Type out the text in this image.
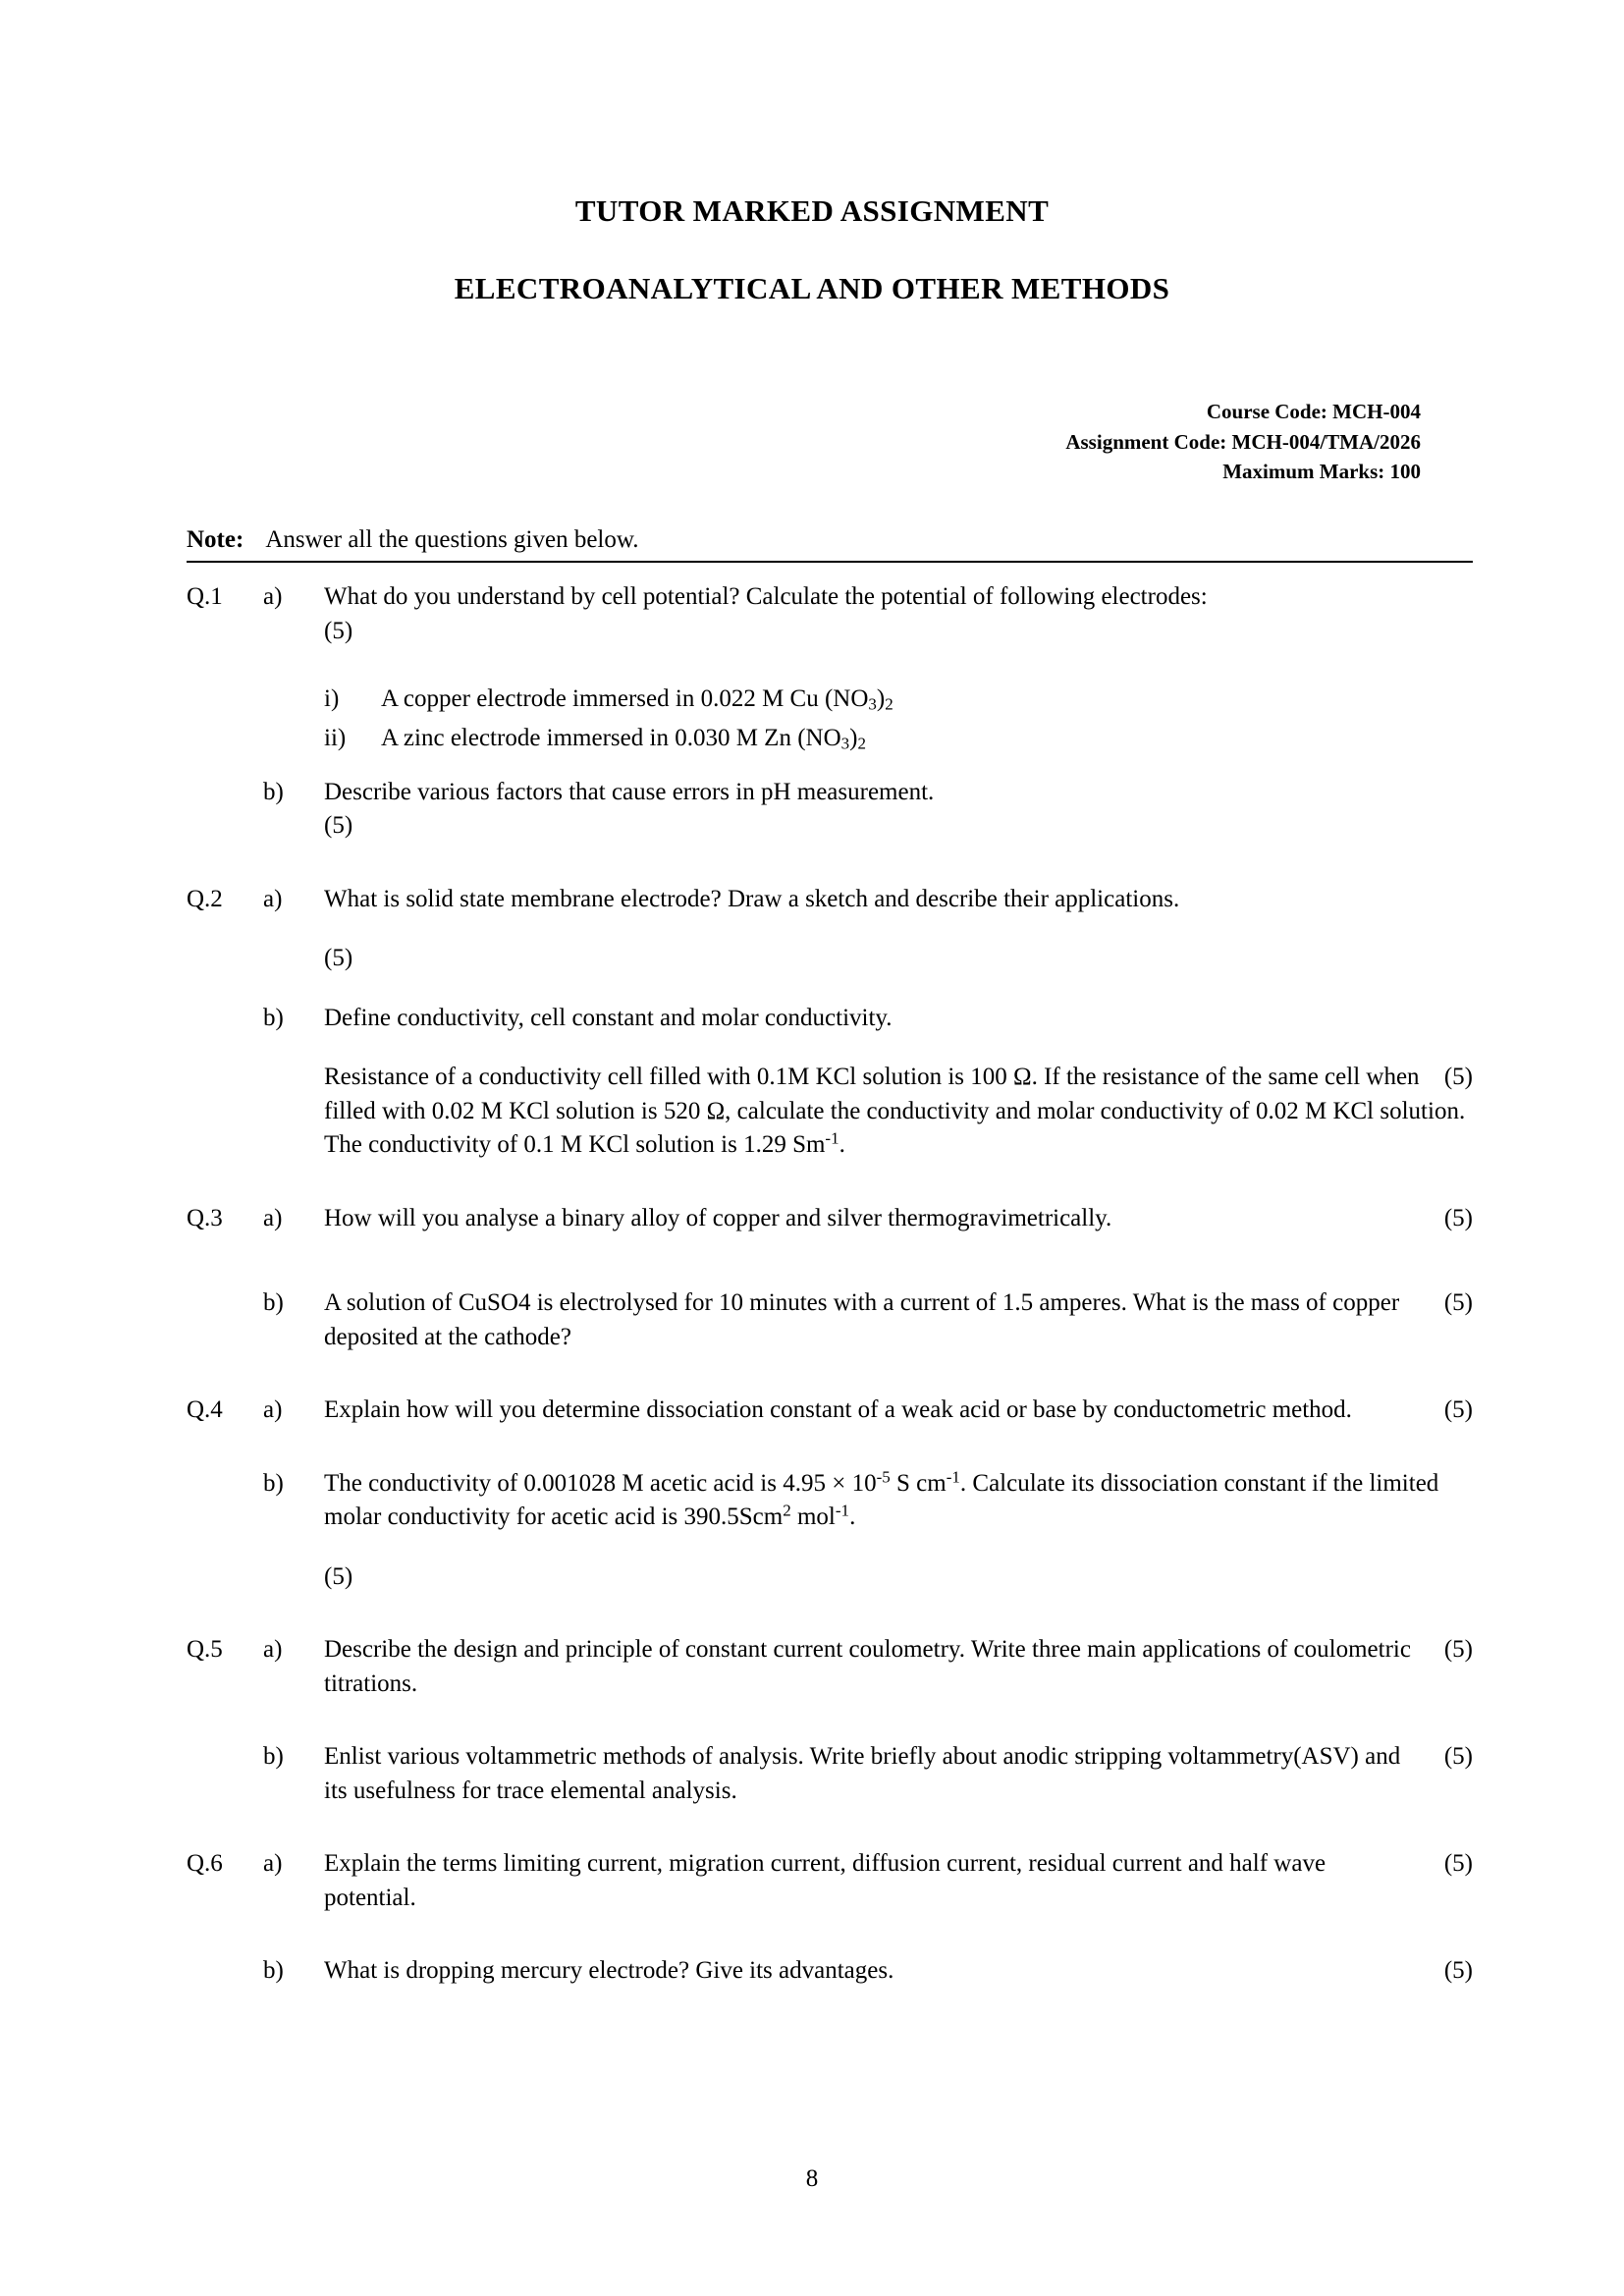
TUTOR MARKED ASSIGNMENT
ELECTROANALYTICAL AND OTHER METHODS
Course Code: MCH-004
Assignment Code: MCH-004/TMA/2026
Maximum Marks: 100
Note: Answer all the questions given below.
Q.1	a)	What do you understand by cell potential? Calculate the potential of following electrodes:
(5)
i)	A copper electrode immersed in 0.022 M Cu $(NO_3)_2$
ii)	A zinc electrode immersed in 0.030 M Zn $(NO_3)_2$
b)	Describe various factors that cause errors in pH measurement.
(5)
Q.2	a)	What is solid state membrane electrode? Draw a sketch and describe their applications.
(5)
b)	Define conductivity, cell constant and molar conductivity.
(5)
Resistance of a conductivity cell filled with 0.1M KCl solution is 100 Ω. If the resistance of the same cell when filled with 0.02 M KCl solution is 520 Ω, calculate the conductivity and molar conductivity of 0.02 M KCl solution. The conductivity of 0.1 M KCl solution is 1.29 $Sm^{-1}$.
Q.3	a)	(5)
How will you analyse a binary alloy of copper and silver thermogravimetrically.
b)	(5)
A solution of CuSO4 is electrolysed for 10 minutes with a current of 1.5 amperes. What is the mass of copper deposited at the cathode?
Q.4	a)	(5)
Explain how will you determine dissociation constant of a weak acid or base by conductometric method.
b)	The conductivity of 0.001028 M acetic acid is $4.95 \times 10^{-5}$ S $cm^{-1}$. Calculate its dissociation constant if the limited molar conductivity for acetic acid is 390.5Scm$^2$ mol$^{-1}$.
(5)
Q.5	a)	(5)
Describe the design and principle of constant current coulometry. Write three main applications of coulometric titrations.
b)	(5)
Enlist various voltammetric methods of analysis. Write briefly about anodic stripping voltammetry(ASV) and its usefulness for trace elemental analysis.
Q.6	a)	(5)
Explain the terms limiting current, migration current, diffusion current, residual current and half wave potential.
b)	(5)
What is dropping mercury electrode? Give its advantages.
8
